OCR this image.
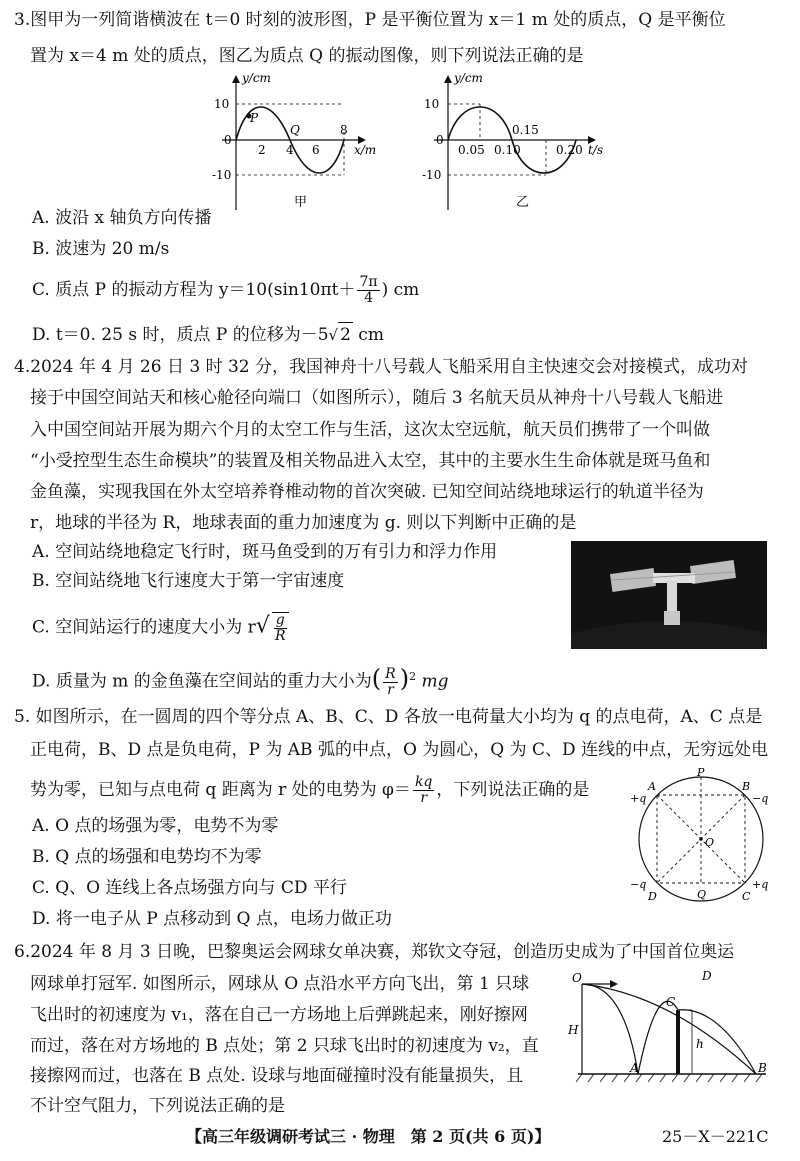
3.图甲为一列简谐横波在 t＝0 时刻的波形图，P 是平衡位置为 x＝1 m 处的质点，Q 是平衡位
置为 x＝4 m 处的质点，图乙为质点 Q 的振动图像，则下列说法正确的是
y/cm
10
0
-10
2 4 6
8
x/m
P
Q
甲
y/cm
10
0
-10
0.05 0.10
0.15
0.20 t/s
乙
A. 波沿 x 轴负方向传播
B. 波速为 20 m/s
C. 质点 P 的振动方程为 $y=10(\sin 10\pi t+ \frac{7\pi}{4}$ ) cm
D. t＝0. 25 s 时，质点 P 的位移为－5√ 2 cm
4.2024 年 4 月 26 日 3 时 32 分，我国神舟十八号载人飞船采用自主快速交会对接模式，成功对
接于中国空间站天和核心舱径向端口（如图所示），随后 3 名航天员从神舟十八号载人飞船进
入中国空间站开展为期六个月的太空工作与生活，这次太空远航，航天员们携带了一个叫做
“小受控型生态生命模块”的装置及相关物品进入太空，其中的主要水生生命体就是斑马鱼和
金鱼藻，实现我国在外太空培养脊椎动物的首次突破. 已知空间站绕地球运行的轨道半径为
r，地球的半径为 R，地球表面的重力加速度为 g. 则以下判断中正确的是
A. 空间站绕地稳定飞行时，斑马鱼受到的万有引力和浮力作用
B. 空间站绕地飞行速度大于第一宇宙速度
C. 空间站运行的速度大小为 $r√ \frac{g}{R}$
D. 质量为 m 的金鱼藻在空间站的重力大小为( $\frac{R}{r} )^2$ mg
5. 如图所示，在一圆周的四个等分点 A、B、C、D 各放一电荷量大小均为 q 的点电荷，A、C 点是
正电荷，B、D 点是负电荷，P 为 AB 弧的中点，O 为圆心，Q 为 C、D 连线的中点，无穷远处电
势为零，已知与点电荷 q 距离为 r 处的电势为 $\varphi= \frac{kq}{r}$ ，下列说法正确的是
A. O 点的场强为零，电势不为零
B. Q 点的场强和电势均不为零
C. Q、O 连线上各点场强方向与 CD 平行
D. 将一电子从 P 点移动到 Q 点，电场力做正功
P
A	B
O
D	Q	C
+q	−q
−q	+q
6.2024 年 8 月 3 日晚，巴黎奥运会网球女单决赛，郑钦文夺冠，创造历史成为了中国首位奥运
网球单打冠军. 如图所示，网球从 O 点沿水平方向飞出，第 1 只球
飞出时的初速度为 v₁，落在自己一方场地上后弹跳起来，刚好擦网
而过，落在对方场地的 B 点处；第 2 只球飞出时的初速度为 v₂，直
接擦网而过，也落在 B 点处. 设球与地面碰撞时没有能量损失，且
不计空气阻力，下列说法正确的是
O	D
C
H
h
A	B
【高三年级调研考试三 · 物理　第 2 页(共 6 页)】	25－X－221C
